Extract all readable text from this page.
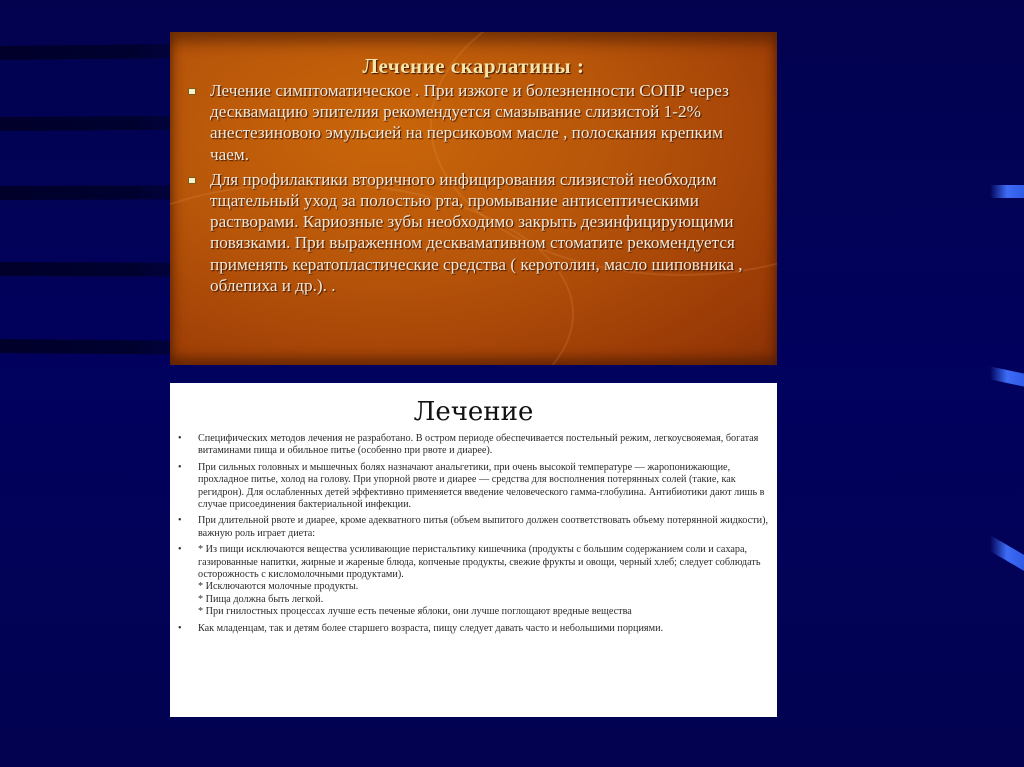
Лечение скарлатины :
Лечение симптоматическое . При изжоге и болезненности СОПР через десквамацию эпителия рекомендуется смазывание слизистой 1-2% анестезиновою эмульсией на персиковом масле , полоскания крепким чаем.
Для профилактики вторичного инфицирования слизистой необходим тщательный уход за полостью рта, промывание антисептическими растворами. Кариозные зубы необходимо закрыть дезинфицирующими повязками. При выраженном десквамативном стоматите рекомендуется применять кератопластические средства ( керотолин, масло шиповника , облепиха и др.). .
Лечение
• Специфических методов лечения не разработано. В остром периоде обеспечивается постельный режим, легкоусвояемая, богатая витаминами пища и обильное питье (особенно при рвоте и диарее).
• При сильных головных и мышечных болях назначают анальгетики, при очень высокой температуре — жаропонижающие, прохладное питье, холод на голову. При упорной рвоте и диарее — средства для восполнения потерянных солей (такие, как регидрон). Для ослабленных детей эффективно применяется введение человеческого гамма-глобулина. Антибиотики дают лишь в случае присоединения бактериальной инфекции.
• При длительной рвоте и диарее, кроме адекватного питья (объем выпитого должен соответствовать объему потерянной жидкости), важную роль играет диета:
• * Из пищи исключаются вещества усиливающие перистальтику кишечника (продукты с большим содержанием соли и сахара, газированные напитки, жирные и жареные блюда, копченые продукты, свежие фрукты и овощи, черный хлеб; следует соблюдать осторожность с кисломолочными продуктами).
* Исключаются молочные продукты.
* Пища должна быть легкой.
* При гнилостных процессах лучше есть печеные яблоки, они лучше поглощают вредные вещества
• Как младенцам, так и детям более старшего возраста, пищу следует давать часто и небольшими порциями.
